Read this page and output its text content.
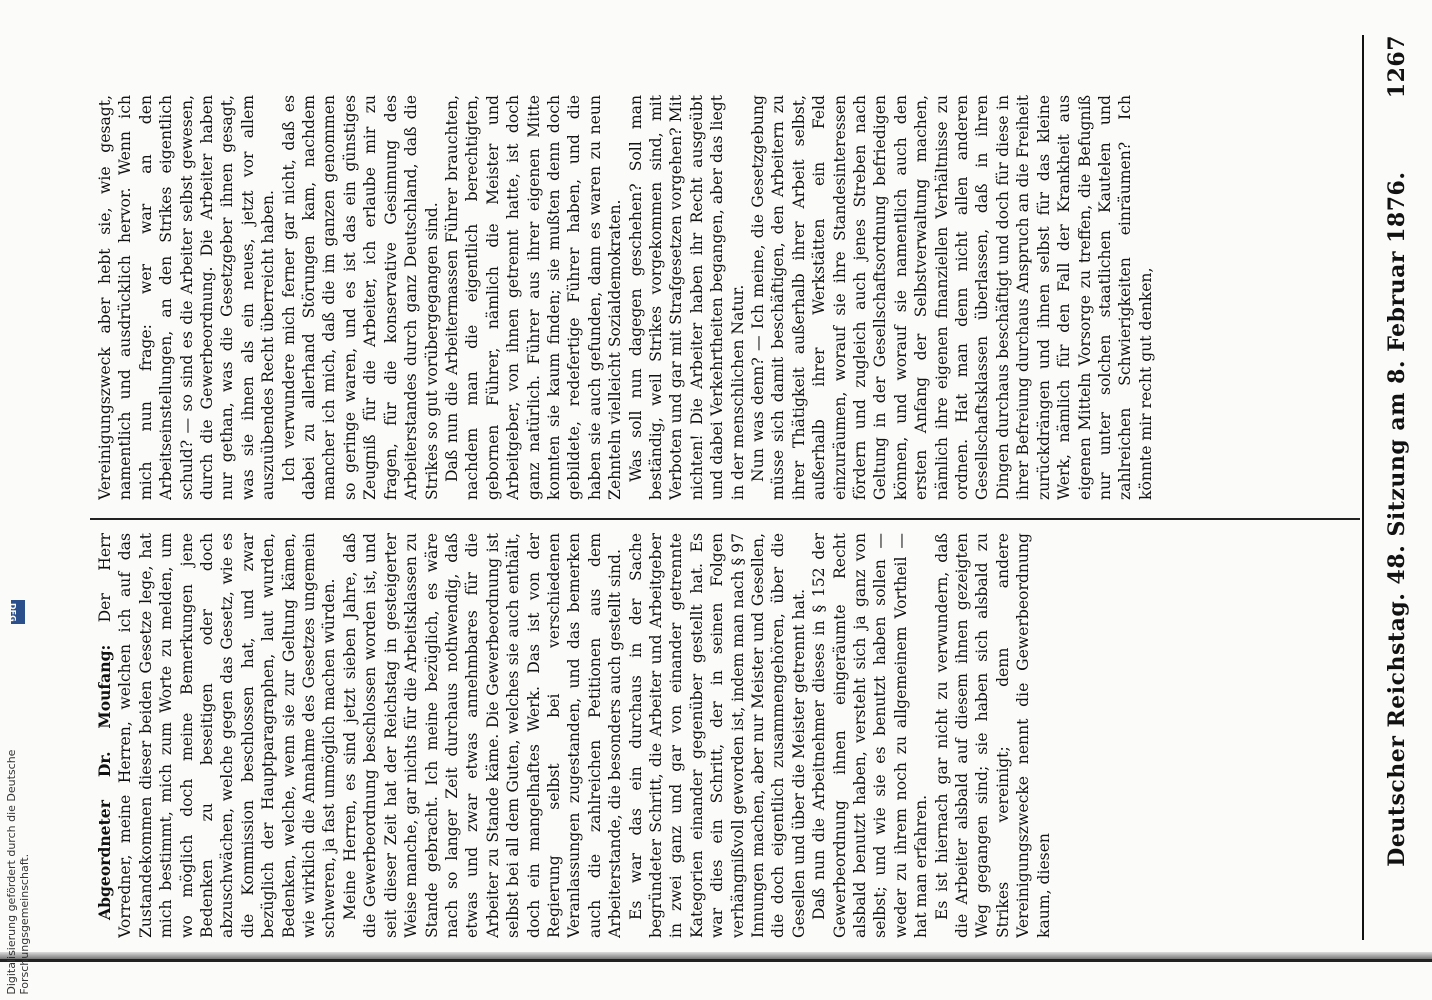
Deutscher Reichstag. 48. Sitzung am 8. Februar 1876.
1267

Abgeordneter Dr. Moufang: Der Herr Vorredner, meine Herren, welchen ich auf das Zustandekommen dieser beiden Gesetze lege, hat mich bestimmt, mich zum Worte zu melden, um wo möglich doch meine Bemerkungen jene Bedenken zu beseitigen oder doch abzuschwächen, welche gegen das Gesetz, wie es die Kommission beschlossen hat, und zwar bezüglich der Hauptparagraphen, laut wurden, Bedenken, welche, wenn sie zur Geltung kämen, wie wirklich die Annahme des Gesetzes ungemein schweren, ja fast unmöglich machen würden. Meine Herren, es sind jetzt sieben Jahre, daß die Gewerbeordnung beschlossen worden ist, und seit dieser Zeit hat der Reichstag in gesteigerter Weise manche, gar nichts für die Arbeitsklassen zu Stande gebracht. Ich meine bezüglich, es wäre nach so langer Zeit durchaus nothwendig, daß etwas und zwar etwas annehmbares für die Arbeiter zu Stande käme. Die Gewerbeordnung ist selbst bei all dem Guten, welches sie auch enthält, doch ein mangelhaftes Werk. Das ist von der Regierung selbst bei verschiedenen Veranlassungen zugestanden, und das bemerken auch die zahlreichen Petitionen aus dem Arbeiterstande, die besonders auch gestellt sind. Es war das ein durchaus in der Sache begründeter Schritt, die Arbeiter und Arbeitgeber in zwei ganz und gar von einander getrennte Kategorien einander gegenüber gestellt hat. Es war dies ein Schritt, der in seinen Folgen verhängnißvoll geworden ist, indem man nach § 97 Innungen machen, aber nur Meister und Gesellen, die doch eigentlich zusammengehören, über die Gesellen und über die Meister getrennt hat. Daß nun die Arbeitnehmer dieses in § 152 der Gewerbeordnung ihnen eingeräumte Recht alsbald benutzt haben, versteht sich ja ganz von selbst; und wie sie es benutzt haben sollen — weder zu ihrem noch zu allgemeinem Vortheil — hat man erfahren. Es ist hiernach gar nicht zu verwundern, daß die Arbeiter alsbald auf diesem ihnen gezeigten Weg gegangen sind; sie haben sich alsbald zu Strikes vereinigt; denn andere Vereinigungszwecke nennt die Gewerbeordnung kaum, diesen

Vereinigungszweck aber hebt sie, wie gesagt, namentlich und ausdrücklich hervor. Wenn ich mich nun frage: wer war an den Arbeitseinstellungen, an den Strikes eigentlich schuld? — so sind es die Arbeiter selbst gewesen, durch die Gewerbeordnung. Die Arbeiter haben nur gethan, was die Gesetzgeber ihnen gesagt, was sie ihnen als ein neues, jetzt vor allem auszuübendes Recht überreicht haben. Ich verwundere mich ferner gar nicht, daß es dabei zu allerhand Störungen kam, nachdem mancher ich mich, daß die im ganzen genommen so geringe waren, und es ist das ein günstiges Zeugniß für die Arbeiter, ich erlaube mir zu fragen, für die konservative Gesinnung des Arbeiterstandes durch ganz Deutschland, daß die Strikes so gut vorübergegangen sind. Daß nun die Arbeitermassen Führer brauchten, nachdem man die eigentlich berechtigten, gebornen Führer, nämlich die Meister und Arbeitgeber, von ihnen getrennt hatte, ist doch ganz natürlich. Führer aus ihrer eigenen Mitte konnten sie kaum finden; sie mußten denn doch gebildete, redefertige Führer haben, und die haben sie auch gefunden, dann es waren zu neun Zehnteln vielleicht Sozialdemokraten. Was soll nun dagegen geschehen? Soll man beständig, weil Strikes vorgekommen sind, mit Verboten und gar mit Strafgesetzen vorgehen? Mit nichten! Die Arbeiter haben ihr Recht ausgeübt und dabei Verkehrtheiten begangen, aber das liegt in der menschlichen Natur. Nun was denn? — Ich meine, die Gesetzgebung müsse sich damit beschäftigen, den Arbeitern zu ihrer Thätigkeit außerhalb ihrer Arbeit selbst, außerhalb ihrer Werkstätten ein Feld einzuräumen, worauf sie ihre Standesinteressen fördern und zugleich auch jenes Streben nach Geltung in der Gesellschaftsordnung befriedigen können, und worauf sie namentlich auch den ersten Anfang der Selbstverwaltung machen, nämlich ihre eigenen finanziellen Verhältnisse zu ordnen. Hat man denn nicht allen anderen Gesellschaftsklassen überlassen, daß in ihren Dingen durchaus beschäftigt und doch für diese in ihrer Befreiung durchaus Anspruch an die Freiheit zurückdrängen und ihnen selbst für das kleine Werk, nämlich für den Fall der Krankheit aus eigenen Mitteln Vorsorge zu treffen, die Befugniß nur unter solchen staatlichen Kautelen und zahlreichen Schwierigkeiten einräumen? Ich könnte mir recht gut denken,

DFG
Digitalisierung gefördert durch die Deutsche Forschungsgemeinschaft.
